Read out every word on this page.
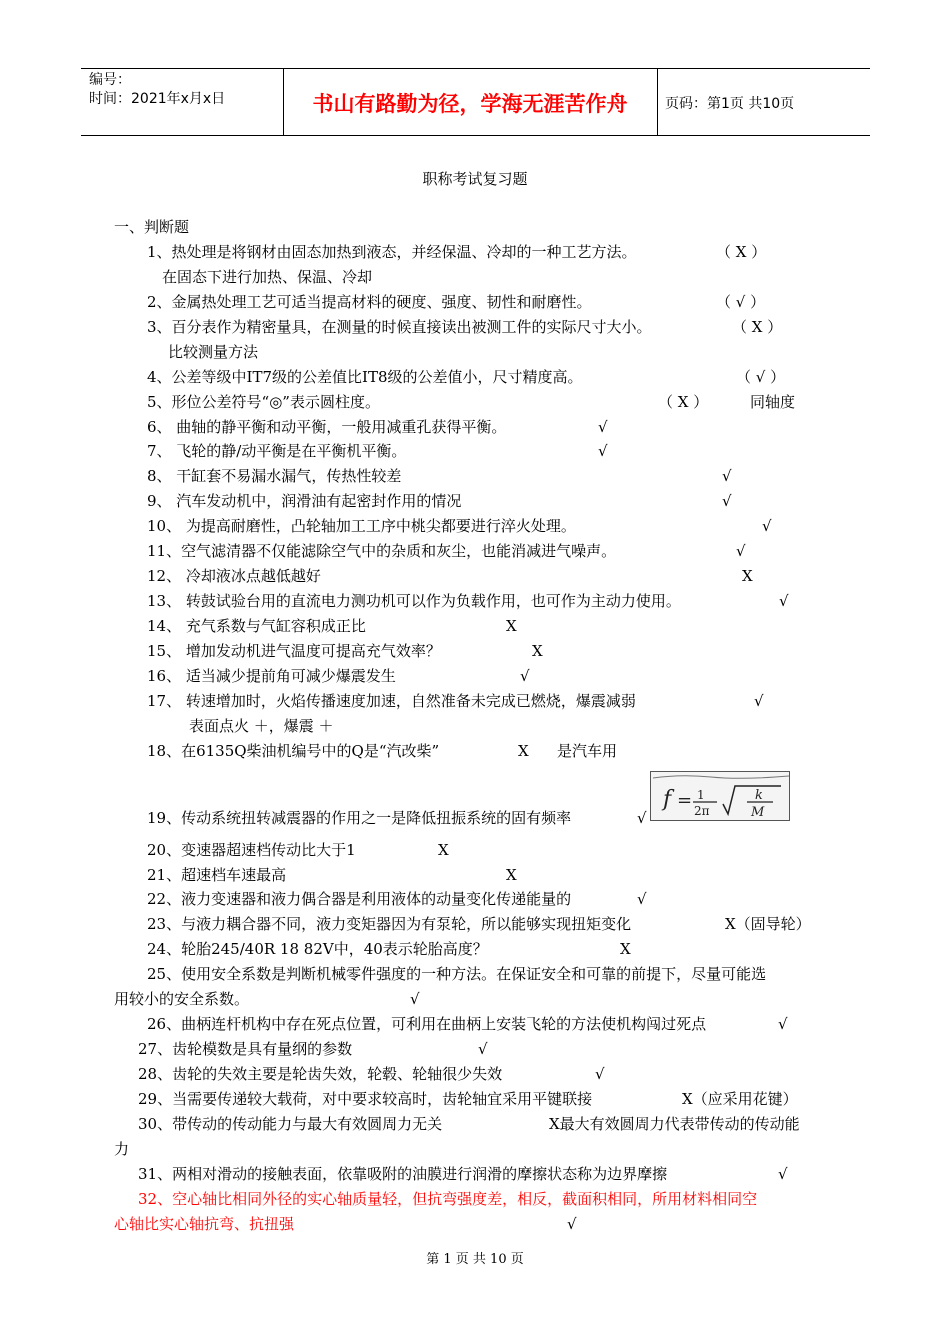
编号：
时间：2021年x月x日	书山有路勤为径，学海无涯苦作舟	页码：第1页 共10页
职称考试复习题
一、判断题
1、热处理是将钢材由固态加热到液态，并经保温、冷却的一种工艺方法。	（ X ）
在固态下进行加热、保温、冷却
2、金属热处理工艺可适当提高材料的硬度、强度、韧性和耐磨性。	（ √ ）
3、百分表作为精密量具，在测量的时候直接读出被测工件的实际尺寸大小。	（ X ）
比较测量方法
4、公差等级中IT7级的公差值比IT8级的公差值小，尺寸精度高。	（ √ ）
5、形位公差符号“◎”表示圆柱度。	（ X ）	同轴度
6、 曲轴的静平衡和动平衡，一般用减重孔获得平衡。	√
7、 飞轮的静/动平衡是在平衡机平衡。	√
8、 干缸套不易漏水漏气，传热性较差	√
9、 汽车发动机中，润滑油有起密封作用的情况	√
10、 为提高耐磨性，凸轮轴加工工序中桃尖都要进行淬火处理。	√
11、空气滤清器不仅能滤除空气中的杂质和灰尘，也能消减进气噪声。	√
12、 冷却液冰点越低越好	X
13、 转鼓试验台用的直流电力测功机可以作为负载作用，也可作为主动力使用。	√
14、 充气系数与气缸容积成正比	X
15、 增加发动机进气温度可提高充气效率？	X
16、 适当减少提前角可减少爆震发生	√
17、 转速增加时，火焰传播速度加速，自然准备未完成已燃烧，爆震减弱	√
表面点火 ＋，爆震 ＋
18、在6135Q柴油机编号中的Q是“汽改柴”	X 是汽车用
f = 1
2π
k
M
19、传动系统扭转减震器的作用之一是降低扭振系统的固有频率	√
20、变速器超速档传动比大于1	X
21、超速档车速最高	X
22、液力变速器和液力偶合器是利用液体的动量变化传递能量的	√
23、与液力耦合器不同，液力变矩器因为有泵轮，所以能够实现扭矩变化	X（固导轮）
24、轮胎245/40R 18 82V中，40表示轮胎高度？	X
25、使用安全系数是判断机械零件强度的一种方法。在保证安全和可靠的前提下，尽量可能选
用较小的安全系数。	√
26、曲柄连杆机构中存在死点位置，可利用在曲柄上安装飞轮的方法使机构闯过死点	√
27、齿轮模数是具有量纲的参数	√
28、齿轮的失效主要是轮齿失效，轮毂、轮轴很少失效	√
29、当需要传递较大载荷，对中要求较高时，齿轮轴宜采用平键联接	X（应采用花键）
30、带传动的传动能力与最大有效圆周力无关	X最大有效圆周力代表带传动的传动能
力
31、两相对滑动的接触表面，依靠吸附的油膜进行润滑的摩擦状态称为边界摩擦	√
32、空心轴比相同外径的实心轴质量轻，但抗弯强度差，相反，截面积相同，所用材料相同空
心轴比实心轴抗弯、抗扭强	√
第 1 页 共 10 页
